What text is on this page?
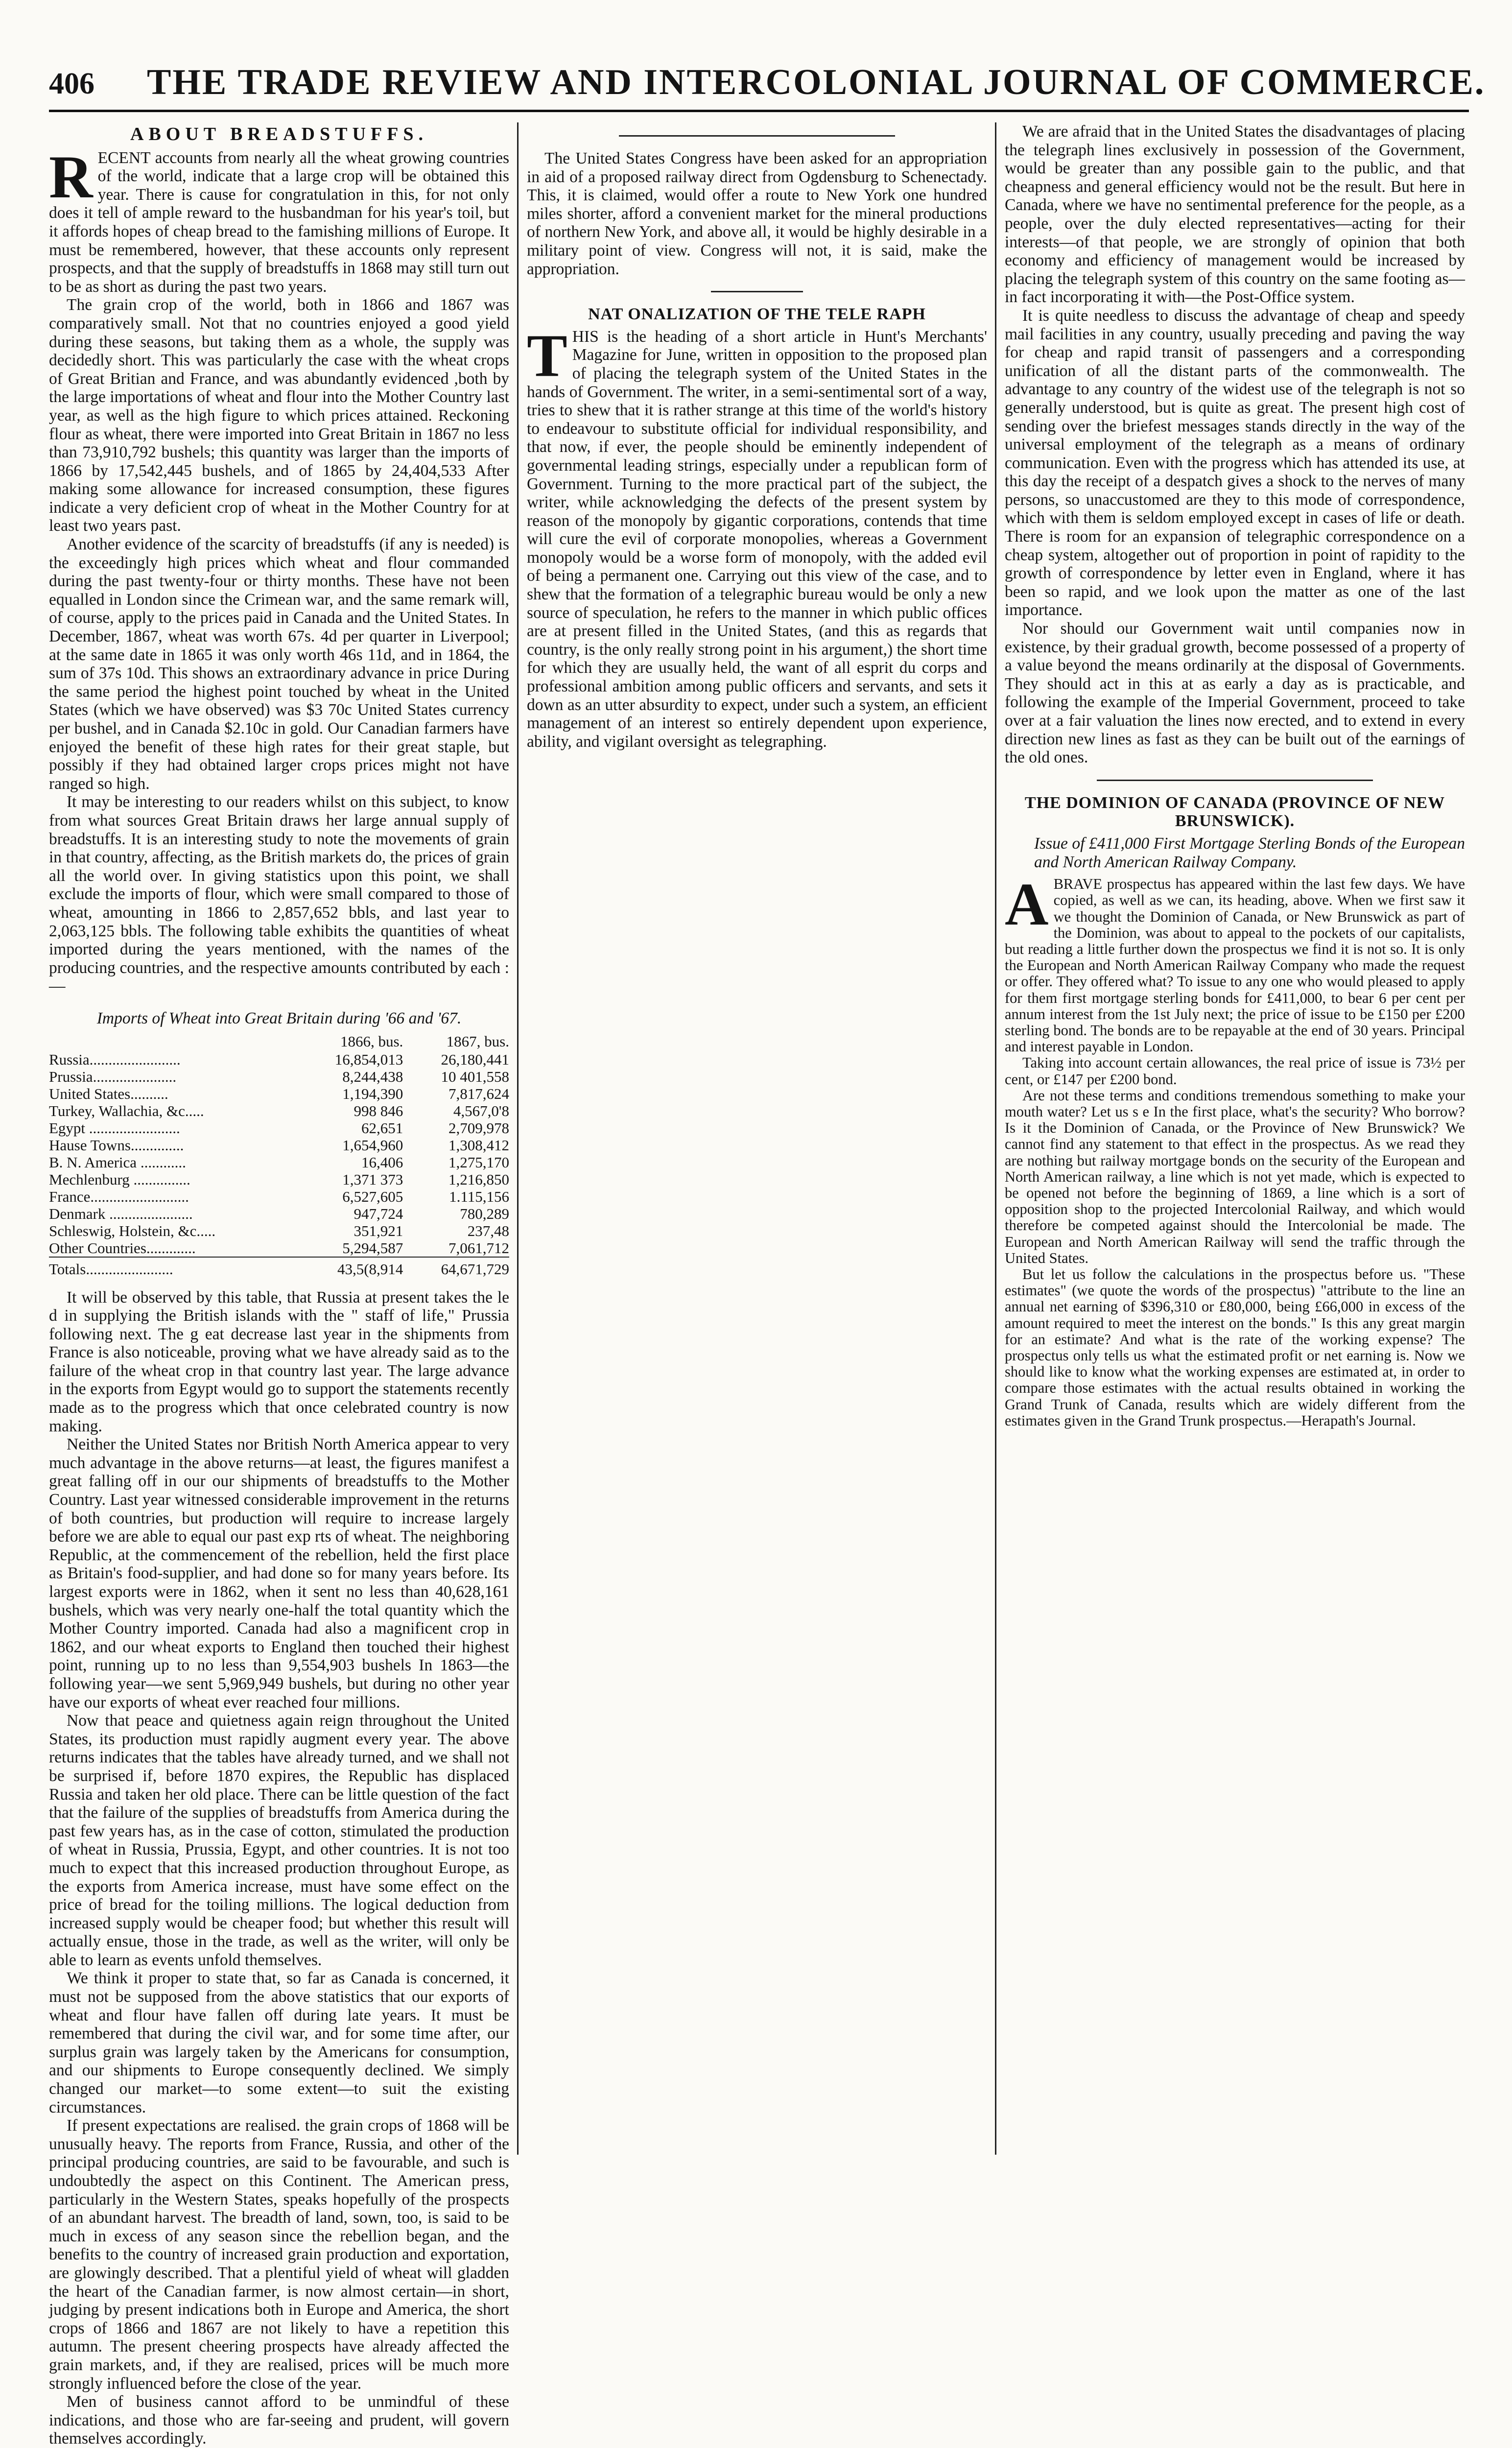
406 THE TRADE REVIEW AND INTERCOLONIAL JOURNAL OF COMMERCE.
ABOUT BREADSTUFFS.

RECENT accounts from nearly all the wheat growing countries of the world, indicate that a large crop will be obtained this year. There is cause for congratulation in this, for not only does it tell of ample reward to the husbandman for his year's toil, but it affords hopes of cheap bread to the famishing millions of Europe. It must be remembered, however, that these accounts only represent prospects, and that the supply of breadstuffs in 1868 may still turn out to be as short as during the past two years.

The grain crop of the world, both in 1866 and 1867 was comparatively small. Not that no countries enjoyed a good yield during these seasons, but taking them as a whole, the supply was decidedly short. This was particularly the case with the wheat crops of Great Britian and France, and was abundantly evidenced ,both by the large importations of wheat and flour into the Mother Country last year, as well as the high figure to which prices attained. Reckoning flour as wheat, there were imported into Great Britain in 1867 no less than 73,910,792 bushels; this quantity was larger than the imports of 1866 by 17,542,445 bushels, and of 1865 by 24,404,533 After making some allowance for increased consumption, these figures indicate a very deficient crop of wheat in the Mother Country for at least two years past.

Another evidence of the scarcity of breadstuffs (if any is needed) is the exceedingly high prices which wheat and flour commanded during the past twenty-four or thirty months. These have not been equalled in London since the Crimean war, and the same remark will, of course, apply to the prices paid in Canada and the United States. In December, 1867, wheat was worth 67s. 4d per quarter in Liverpool; at the same date in 1865 it was only worth 46s 11d, and in 1864, the sum of 37s 10d. This shows an extraordinary advance in price During the same period the highest point touched by wheat in the United States (which we have observed) was $3 70c United States currency per bushel, and in Canada $2.10c in gold. Our Canadian farmers have enjoyed the benefit of these high rates for their great staple, but possibly if they had obtained larger crops prices might not have ranged so high.

It may be interesting to our readers whilst on this subject, to know from what sources Great Britain draws her large annual supply of breadstuffs. It is an interesting study to note the movements of grain in that country, affecting, as the British markets do, the prices of grain all the world over. In giving statistics upon this point, we shall exclude the imports of flour, which were small compared to those of wheat, amounting in 1866 to 2,857,652 bbls, and last year to 2,063,125 bbls. The following table exhibits the quantities of wheat imported during the years mentioned, with the names of the producing countries, and the respective amounts contributed by each :—

Imports of Wheat into Great Britain during '66 and '67.

	1866, bus.	1867, bus.
Russia........................	16,854,013	26,180,441
Prussia......................	8,244,438	10 401,558
United States..........	1,194,390	7,817,624
Turkey, Wallachia, &c.....	998 846	4,567,0'8
Egypt ........................	62,651	2,709,978
Hause Towns..............	1,654,960	1,308,412
B. N. America ............	16,406	1,275,170
Mechlenburg ...............	1,371 373	1,216,850
France..........................	6,527,605	1.115,156
Denmark ......................	947,724	780,289
Schleswig, Holstein, &c.....	351,921	237,48
Other Countries.............	5,294,587	7,061,712
Totals.......................	43,5(8,914	64,671,729

It will be observed by this table, that Russia at present takes the le d in supplying the British islands with the " staff of life," Prussia following next. The g eat decrease last year in the shipments from France is also noticeable, proving what we have already said as to the failure of the wheat crop in that country last year. The large advance in the exports from Egypt would go to support the statements recently made as to the progress which that once celebrated country is now making.

Neither the United States nor British North America appear to very much advantage in the above returns—at least, the figures manifest a great falling off in our our shipments of breadstuffs to the Mother Country. Last year witnessed considerable improvement in the returns of both countries, but production will require to increase largely before we are able to equal our past exp rts of wheat. The neighboring Republic, at the commencement of the rebellion, held the first place as Britain's food-supplier, and had done so for many years before. Its largest exports were in 1862, when it sent no less than 40,628,161 bushels, which was very nearly one-half the total quantity which the Mother Country imported. Canada had also a magnificent crop in 1862, and our wheat exports to England then touched their highest point, running up to no less than 9,554,903 bushels In 1863—the following year—we sent 5,969,949 bushels, but during no other year have our exports of wheat ever reached four millions.

Now that peace and quietness again reign throughout the United States, its production must rapidly augment every year. The above returns indicates that the tables have already turned, and we shall not be surprised if, before 1870 expires, the Republic has displaced Russia and taken her old place. There can be little question of the fact that the failure of the supplies of breadstuffs from America during the past few years has, as in the case of cotton, stimulated the production of wheat in Russia, Prussia, Egypt, and other countries. It is not too much to expect that this increased production throughout Europe, as the exports from America increase, must have some effect on the price of bread for the toiling millions. The logical deduction from increased supply would be cheaper food; but whether this result will actually ensue, those in the trade, as well as the writer, will only be able to learn as events unfold themselves.

We think it proper to state that, so far as Canada is concerned, it must not be supposed from the above statistics that our exports of wheat and flour have fallen off during late years. It must be remembered that during the civil war, and for some time after, our surplus grain was largely taken by the Americans for consumption, and our shipments to Europe consequently declined. We simply changed our market—to some extent—to suit the existing circumstances.

If present expectations are realised. the grain crops of 1868 will be unusually heavy. The reports from France, Russia, and other of the principal producing countries, are said to be favourable, and such is undoubtedly the aspect on this Continent. The American press, particularly in the Western States, speaks hopefully of the prospects of an abundant harvest. The breadth of land, sown, too, is said to be much in excess of any season since the rebellion began, and the benefits to the country of increased grain production and exportation, are glowingly described. That a plentiful yield of wheat will gladden the heart of the Canadian farmer, is now almost certain—in short, judging by present indications both in Europe and America, the short crops of 1866 and 1867 are not likely to have a repetition this autumn. The present cheering prospects have already affected the grain markets, and, if they are realised, prices will be much more strongly influenced before the close of the year.

Men of business cannot afford to be unmindful of these indications, and those who are far-seeing and prudent, will govern themselves accordingly.

The United States Congress have been asked for an appropriation in aid of a proposed railway direct from Ogdensburg to Schenectady. This, it is claimed, would offer a route to New York one hundred miles shorter, afford a convenient market for the mineral productions of northern New York, and above all, it would be highly desirable in a military point of view. Congress will not, it is said, make the appropriation.

NAT ONALIZATION OF THE TELE RAPH

THIS is the heading of a short article in Hunt's Merchants' Magazine for June, written in opposition to the proposed plan of placing the telegraph system of the United States in the hands of Government. The writer, in a semi-sentimental sort of a way, tries to shew that it is rather strange at this time of the world's history to endeavour to substitute official for individual responsibility, and that now, if ever, the people should be eminently independent of governmental leading strings, especially under a republican form of Government. Turning to the more practical part of the subject, the writer, while acknowledging the defects of the present system by reason of the monopoly by gigantic corporations, contends that time will cure the evil of corporate monopolies, whereas a Government monopoly would be a worse form of monopoly, with the added evil of being a permanent one. Carrying out this view of the case, and to shew that the formation of a telegraphic bureau would be only a new source of speculation, he refers to the manner in which public offices are at present filled in the United States, (and this as regards that country, is the only really strong point in his argument,) the short time for which they are usually held, the want of all esprit du corps and professional ambition among public officers and servants, and sets it down as an utter absurdity to expect, under such a system, an efficient management of an interest so entirely dependent upon experience, ability, and vigilant oversight as telegraphing.

We are afraid that in the United States the disadvantages of placing the telegraph lines exclusively in possession of the Government, would be greater than any possible gain to the public, and that cheapness and general efficiency would not be the result. But here in Canada, where we have no sentimental preference for the people, as a people, over the duly elected representatives—acting for their interests—of that people, we are strongly of opinion that both economy and efficiency of management would be increased by placing the telegraph system of this country on the same footing as—in fact incorporating it with—the Post-Office system.

It is quite needless to discuss the advantage of cheap and speedy mail facilities in any country, usually preceding and paving the way for cheap and rapid transit of passengers and a corresponding unification of all the distant parts of the commonwealth. The advantage to any country of the widest use of the telegraph is not so generally understood, but is quite as great. The present high cost of sending over the briefest messages stands directly in the way of the universal employment of the telegraph as a means of ordinary communication. Even with the progress which has attended its use, at this day the receipt of a despatch gives a shock to the nerves of many persons, so unaccustomed are they to this mode of correspondence, which with them is seldom employed except in cases of life or death. There is room for an expansion of telegraphic correspondence on a cheap system, altogether out of proportion in point of rapidity to the growth of correspondence by letter even in England, where it has been so rapid, and we look upon the matter as one of the last importance.

Nor should our Government wait until companies now in existence, by their gradual growth, become possessed of a property of a value beyond the means ordinarily at the disposal of Governments. They should act in this at as early a day as is practicable, and following the example of the Imperial Government, proceed to take over at a fair valuation the lines now erected, and to extend in every direction new lines as fast as they can be built out of the earnings of the old ones.

THE DOMINION OF CANADA (PROVINCE OF NEW BRUNSWICK).

Issue of £411,000 First Mortgage Sterling Bonds of the European and North American Railway Company.

ABRAVE prospectus has appeared within the last few days. We have copied, as well as we can, its heading, above. When we first saw it we thought the Dominion of Canada, or New Brunswick as part of the Dominion, was about to appeal to the pockets of our capitalists, but reading a little further down the prospectus we find it is not so. It is only the European and North American Railway Company who made the request or offer. They offered what? To issue to any one who would pleased to apply for them first mortgage sterling bonds for £411,000, to bear 6 per cent per annum interest from the 1st July next; the price of issue to be £150 per £200 sterling bond. The bonds are to be repayable at the end of 30 years. Principal and interest payable in London.

Taking into account certain allowances, the real price of issue is 73½ per cent, or £147 per £200 bond.

Are not these terms and conditions tremendous something to make your mouth water? Let us s e In the first place, what's the security? Who borrow? Is it the Dominion of Canada, or the Province of New Brunswick? We cannot find any statement to that effect in the prospectus. As we read they are nothing but railway mortgage bonds on the security of the European and North American railway, a line which is not yet made, which is expected to be opened not before the beginning of 1869, a line which is a sort of opposition shop to the projected Intercolonial Railway, and which would therefore be competed against should the Intercolonial be made. The European and North American Railway will send the traffic through the United States.

But let us follow the calculations in the prospectus before us. "These estimates" (we quote the words of the prospectus) "attribute to the line an annual net earning of $396,310 or £80,000, being £66,000 in excess of the amount required to meet the interest on the bonds." Is this any great margin for an estimate? And what is the rate of the working expense? The prospectus only tells us what the estimated profit or net earning is. Now we should like to know what the working expenses are estimated at, in order to compare those estimates with the actual results obtained in working the Grand Trunk of Canada, results which are widely different from the estimates given in the Grand Trunk prospectus.—Herapath's Journal.
